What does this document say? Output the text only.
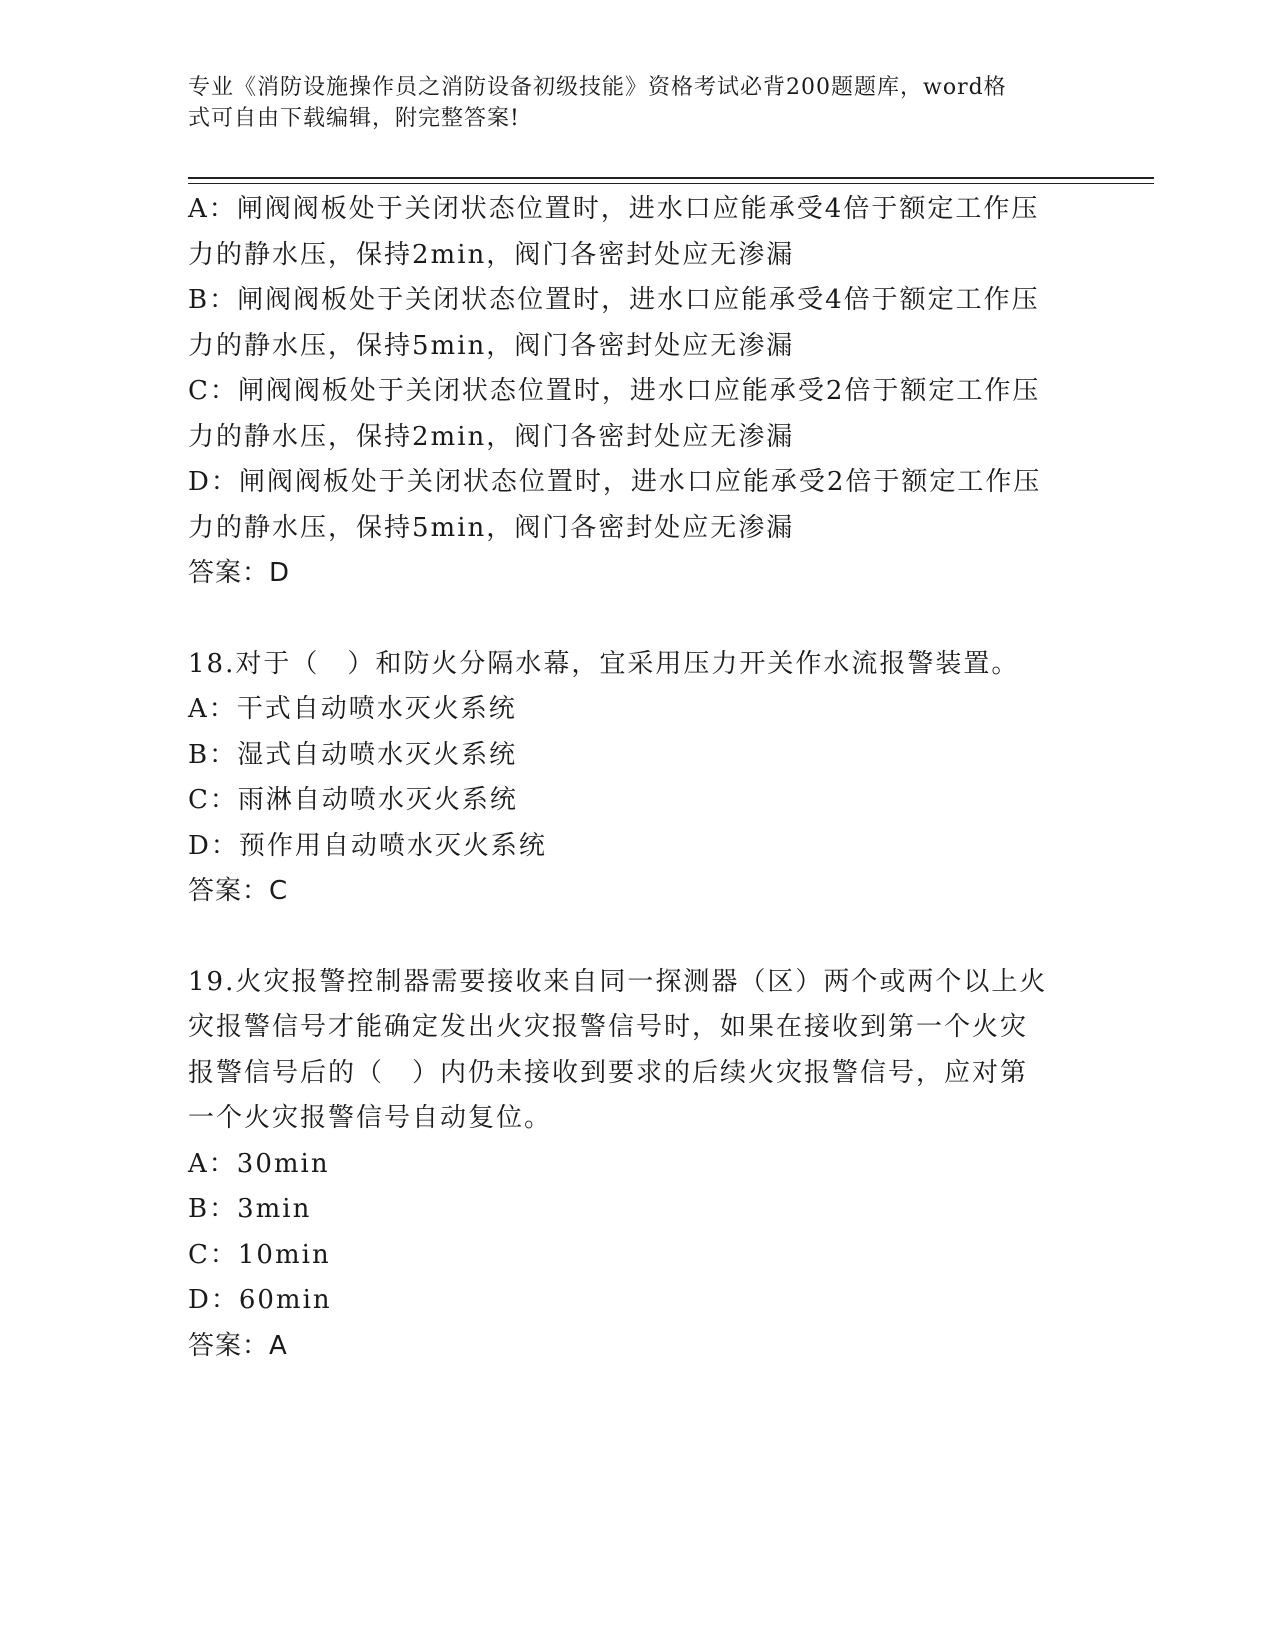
专业《消防设施操作员之消防设备初级技能》资格考试必背200题题库，word格
式可自由下载编辑，附完整答案!
A：闸阀阀板处于关闭状态位置时，进水口应能承受4倍于额定工作压
力的静水压，保持2min，阀门各密封处应无渗漏
B：闸阀阀板处于关闭状态位置时，进水口应能承受4倍于额定工作压
力的静水压，保持5min，阀门各密封处应无渗漏
C：闸阀阀板处于关闭状态位置时，进水口应能承受2倍于额定工作压
力的静水压，保持2min，阀门各密封处应无渗漏
D：闸阀阀板处于关闭状态位置时，进水口应能承受2倍于额定工作压
力的静水压，保持5min，阀门各密封处应无渗漏
答案：D
18.对于（　）和防火分隔水幕，宜采用压力开关作水流报警装置。
A：干式自动喷水灭火系统
B：湿式自动喷水灭火系统
C：雨淋自动喷水灭火系统
D：预作用自动喷水灭火系统
答案：C
19.火灾报警控制器需要接收来自同一探测器（区）两个或两个以上火
灾报警信号才能确定发出火灾报警信号时，如果在接收到第一个火灾
报警信号后的（　）内仍未接收到要求的后续火灾报警信号，应对第
一个火灾报警信号自动复位。
A：30min
B：3min
C：10min
D：60min
答案：A
